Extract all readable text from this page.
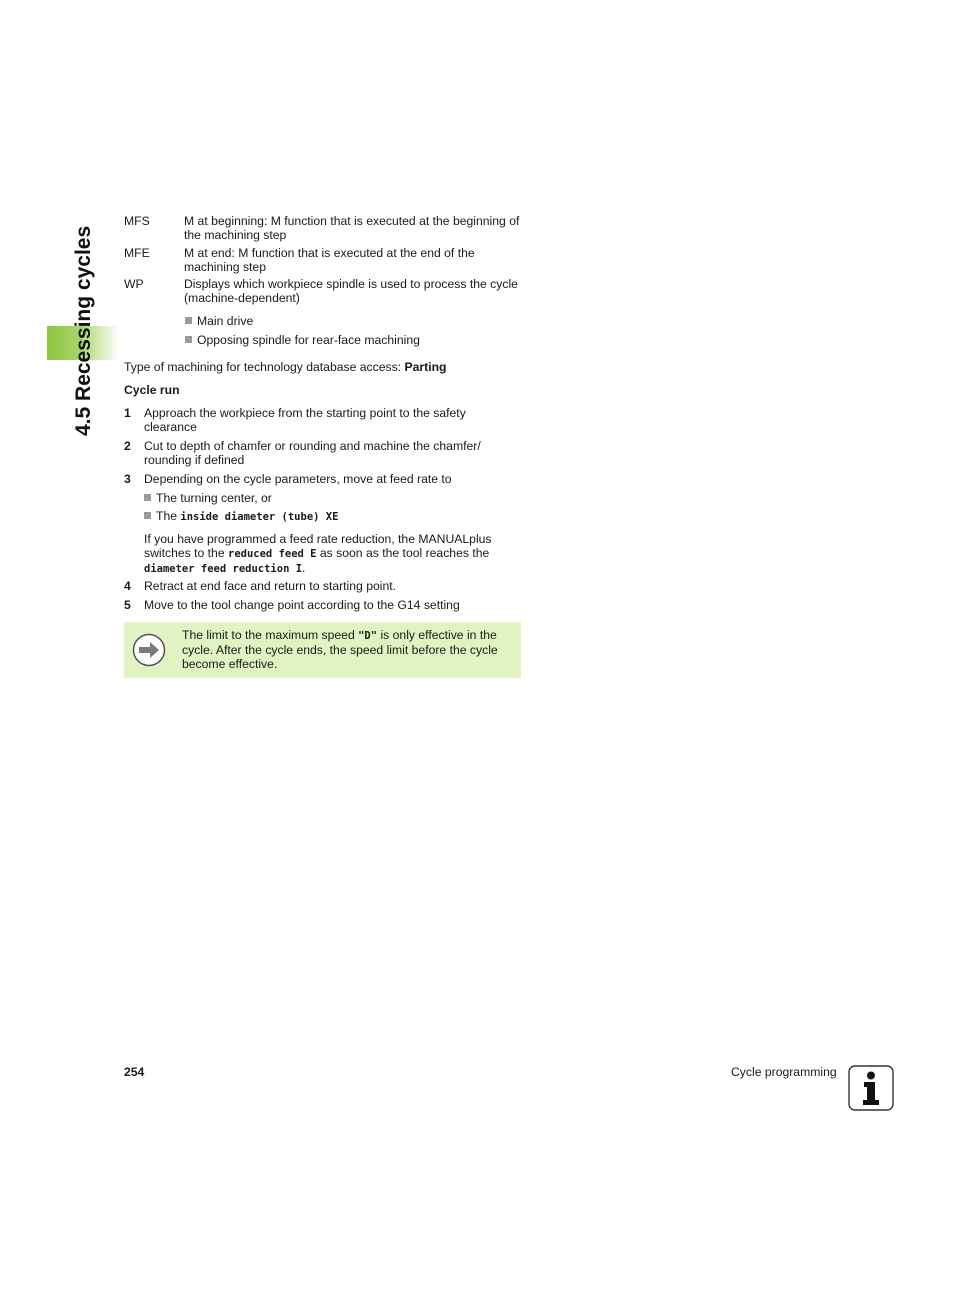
4.5 Recessing cycles
MFS	M at beginning: M function that is executed at the beginning of the machining step
MFE	M at end: M function that is executed at the end of the machining step
WP	Displays which workpiece spindle is used to process the cycle (machine-dependent)
Main drive
Opposing spindle for rear-face machining
Type of machining for technology database access: Parting
Cycle run
1 Approach the workpiece from the starting point to the safety clearance
2 Cut to depth of chamfer or rounding and machine the chamfer/ rounding if defined
3 Depending on the cycle parameters, move at feed rate to
The turning center, or
The inside diameter (tube) XE
If you have programmed a feed rate reduction, the MANUALplus switches to the reduced feed E as soon as the tool reaches the diameter feed reduction I.
4 Retract at end face and return to starting point.
5 Move to the tool change point according to the G14 setting
The limit to the maximum speed "D" is only effective in the cycle. After the cycle ends, the speed limit before the cycle become effective.
254	Cycle programming
